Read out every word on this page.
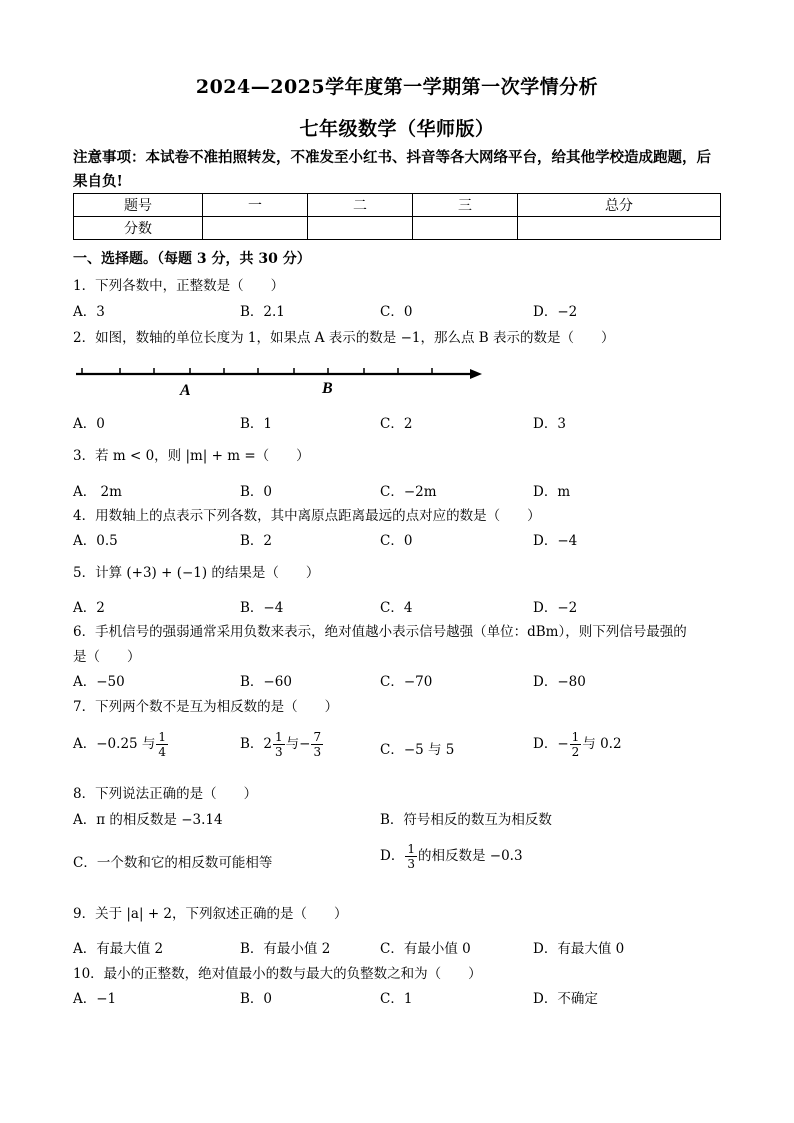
2024—2025学年度第一学期第一次学情分析
七年级数学（华师版）
注意事项：本试卷不准拍照转发，不准发至小红书、抖音等各大网络平台，给其他学校造成跑题，后果自负!
题号	一	二	三	总分
分数				
一、选择题。（每题 3 分，共 30 分）
1．下列各数中，正整数是（　　）
A．3	B．2.1	C．0	D．−2
2．如图，数轴的单位长度为 1，如果点 A 表示的数是 −1，那么点 B 表示的数是（　　）
A	B
A．0	B．1	C．2	D．3
3．若 m < 0，则 |m| + m =（　　）
A． 2m	B．0	C．−2m	D．m
4．用数轴上的点表示下列各数，其中离原点距离最远的点对应的数是（　　）
A．0.5	B．2	C．0	D．−4
5．计算 (+3) + (−1) 的结果是（　　）
A．2	B．−4	C．4	D．−2
6．手机信号的强弱通常采用负数来表示，绝对值越小表示信号越强（单位：dBm），则下列信号最强的
是（　　）
A．−50	B．−60	C．−70	D．−80
7．下列两个数不是互为相反数的是（　　）
A．−0.25 与 $\frac{1}{4}$	B．$2 \frac{1}{3}$ 与− $\frac{7}{3}$	C．−5 与 5	D．− $\frac{1}{2}$ 与 0.2
8．下列说法正确的是（　　）
A．π 的相反数是 −3.14	B．符号相反的数互为相反数
C．一个数和它的相反数可能相等	D． $\frac{1}{3}$ 的相反数是 −0.3
9．关于 |a| + 2，下列叙述正确的是（　　）
A．有最大值 2	B．有最小值 2	C．有最小值 0	D．有最大值 0
10．最小的正整数，绝对值最小的数与最大的负整数之和为（　　）
A．−1	B．0	C．1	D．不确定
